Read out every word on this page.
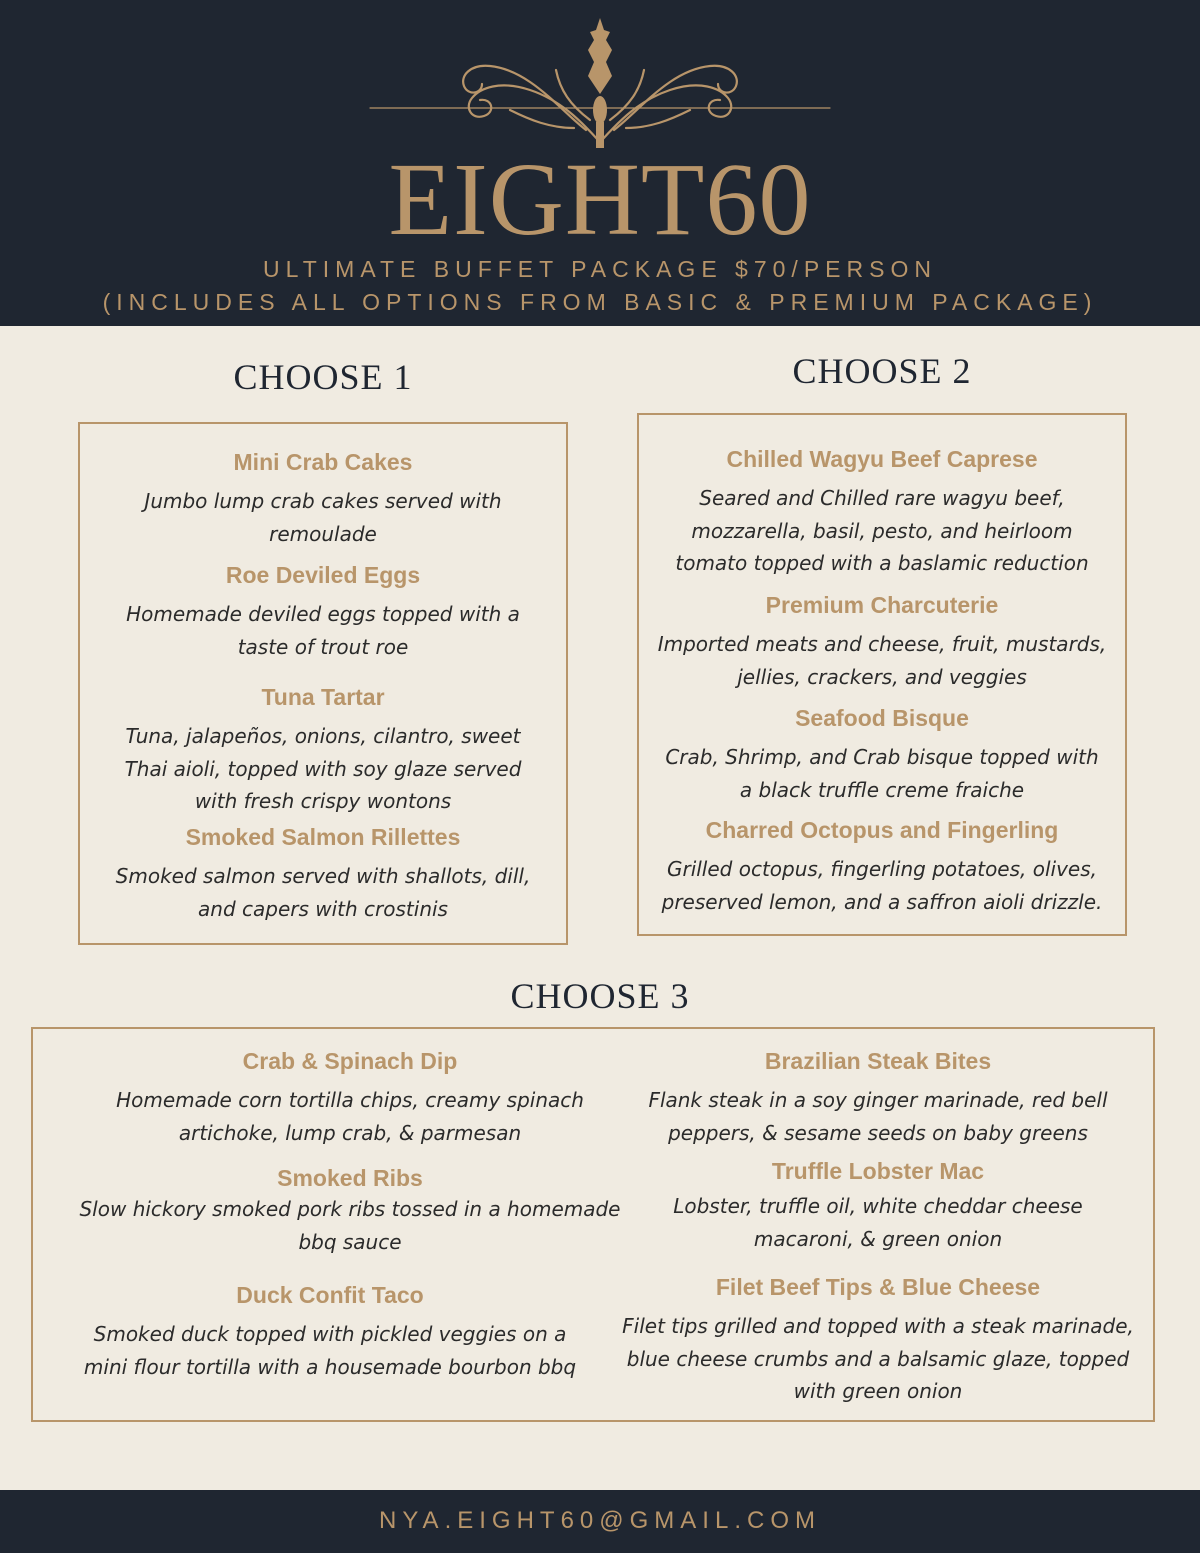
EIGHT60
ULTIMATE BUFFET PACKAGE $70/PERSON
(INCLUDES ALL OPTIONS FROM BASIC & PREMIUM PACKAGE)
CHOOSE 1
Mini Crab Cakes
Jumbo lump crab cakes served with remoulade
Roe Deviled Eggs
Homemade deviled eggs topped with a taste of trout roe
Tuna Tartar
Tuna, jalapeños, onions, cilantro, sweet Thai aioli, topped with soy glaze served with fresh crispy wontons
Smoked Salmon Rillettes
Smoked salmon served with shallots, dill, and capers with crostinis
CHOOSE 2
Chilled Wagyu Beef Caprese
Seared and Chilled rare wagyu beef, mozzarella, basil, pesto, and heirloom tomato topped with a baslamic reduction
Premium Charcuterie
Imported meats and cheese, fruit, mustards, jellies, crackers, and veggies
Seafood Bisque
Crab, Shrimp, and Crab bisque topped with a black truffle creme fraiche
Charred Octopus and Fingerling
Grilled octopus, fingerling potatoes, olives, preserved lemon, and a saffron aioli drizzle.
CHOOSE 3
Crab & Spinach Dip
Homemade corn tortilla chips, creamy spinach artichoke, lump crab, & parmesan
Smoked Ribs
Slow hickory smoked pork ribs tossed in a homemade bbq sauce
Duck Confit Taco
Smoked duck topped with pickled veggies on a mini flour tortilla with a housemade bourbon bbq
Brazilian Steak Bites
Flank steak in a soy ginger marinade, red bell peppers, & sesame seeds on baby greens
Truffle Lobster Mac
Lobster, truffle oil, white cheddar cheese macaroni, & green onion
Filet Beef Tips & Blue Cheese
Filet tips grilled and topped with a steak marinade, blue cheese crumbs and a balsamic glaze, topped with green onion
NYA.EIGHT60@GMAIL.COM
